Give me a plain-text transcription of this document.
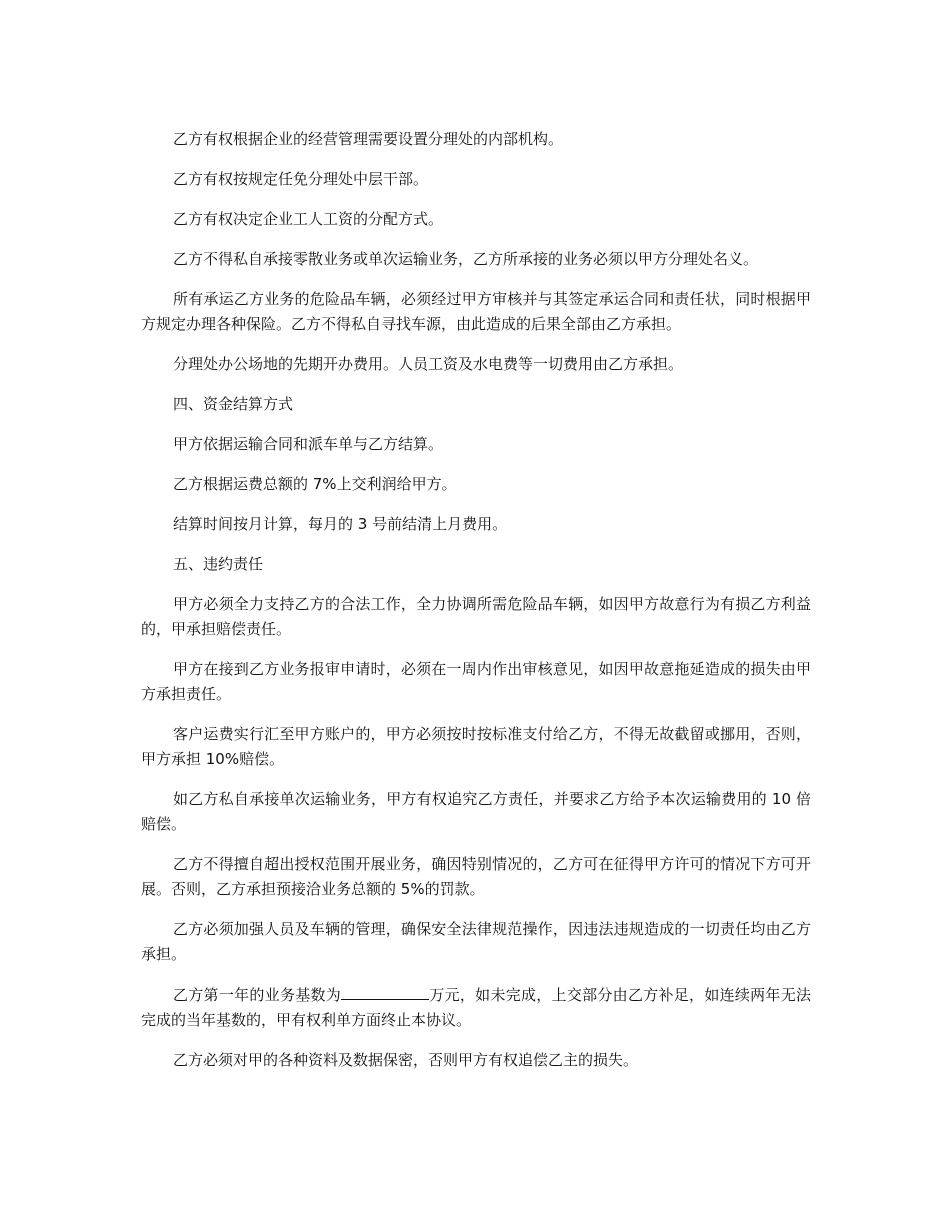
乙方有权根据企业的经营管理需要设置分理处的内部机构。

乙方有权按规定任免分理处中层干部。

乙方有权决定企业工人工资的分配方式。

乙方不得私自承接零散业务或单次运输业务，乙方所承接的业务必须以甲方分理处名义。

所有承运乙方业务的危险品车辆，必须经过甲方审核并与其签定承运合同和责任状，同时根据甲方规定办理各种保险。乙方不得私自寻找车源，由此造成的后果全部由乙方承担。

分理处办公场地的先期开办费用。人员工资及水电费等一切费用由乙方承担。

四、资金结算方式

甲方依据运输合同和派车单与乙方结算。

乙方根据运费总额的 7%上交利润给甲方。

结算时间按月计算，每月的 3 号前结清上月费用。

五、违约责任

甲方必须全力支持乙方的合法工作，全力协调所需危险品车辆，如因甲方故意行为有损乙方利益的，甲承担赔偿责任。

甲方在接到乙方业务报审申请时，必须在一周内作出审核意见，如因甲故意拖延造成的损失由甲方承担责任。

客户运费实行汇至甲方账户的，甲方必须按时按标准支付给乙方，不得无故截留或挪用，否则，甲方承担 10%赔偿。

如乙方私自承接单次运输业务，甲方有权追究乙方责任，并要求乙方给予本次运输费用的 10 倍赔偿。

乙方不得擅自超出授权范围开展业务，确因特别情况的，乙方可在征得甲方许可的情况下方可开展。否则，乙方承担预接洽业务总额的 5%的罚款。

乙方必须加强人员及车辆的管理，确保安全法律规范操作，因违法违规造成的一切责任均由乙方承担。

乙方第一年的业务基数为	万元，如未完成，上交部分由乙方补足，如连续两年无法完成的当年基数的，甲有权利单方面终止本协议。

乙方必须对甲的各种资料及数据保密，否则甲方有权追偿乙主的损失。
